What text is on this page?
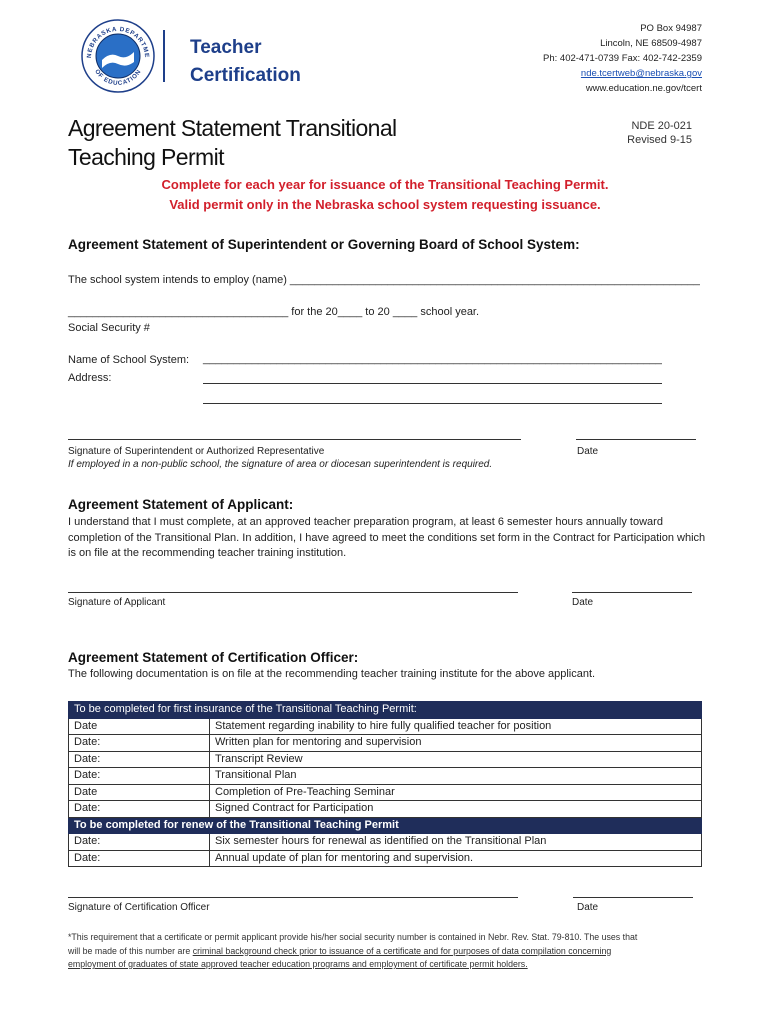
NEBRASKA DEPARTME
OF EDUCATION
Teacher
Certification
PO Box 94987
Lincoln, NE 68509-4987
Ph: 402-471-0739 Fax: 402-742-2359
nde.tcertweb@nebraska.gov
www.education.ne.gov/tcert
Agreement Statement Transitional
Teaching Permit
NDE 20-021
Revised 9-15
Complete for each year for issuance of the Transitional Teaching Permit.
Valid permit only in the Nebraska school system requesting issuance.
Agreement Statement of Superintendent or Governing Board of School System:
The school system intends to employ (name) ___________________________________________________________________
____________________________________ for the 20____ to 20 ____ school year.
Social Security #
Name of School System: ___________________________________________________________________________
Address:
Signature of Superintendent or Authorized Representative
If employed in a non-public school, the signature of area or diocesan superintendent is required.
Date
Agreement Statement of Applicant:
I understand that I must complete, at an approved teacher preparation program, at least 6 semester hours annually toward completion of the Transitional Plan. In addition, I have agreed to meet the conditions set form in the Contract for Participation which is on file at the recommending teacher training institution.
Signature of Applicant	Date
Agreement Statement of Certification Officer:
The following documentation is on file at the recommending teacher training institute for the above applicant.
To be completed for first insurance of the Transitional Teaching Permit:	
Date	Statement regarding inability to hire fully qualified teacher for position
Date:	Written plan for mentoring and supervision
Date:	Transcript Review
Date:	Transitional Plan
Date	Completion of Pre-Teaching Seminar
Date:	Signed Contract for Participation
To be completed for renew of the Transitional Teaching Permit	
Date:	Six semester hours for renewal as identified on the Transitional Plan
Date:	Annual update of plan for mentoring and supervision.
Signature of Certification Officer	Date
*This requirement that a certificate or permit applicant provide his/her social security number is contained in Nebr. Rev. Stat. 79-810. The uses that
will be made of this number are criminal background check prior to issuance of a certificate and for purposes of data compilation concerning
employment of graduates of state approved teacher education programs and employment of certificate permit holders.
